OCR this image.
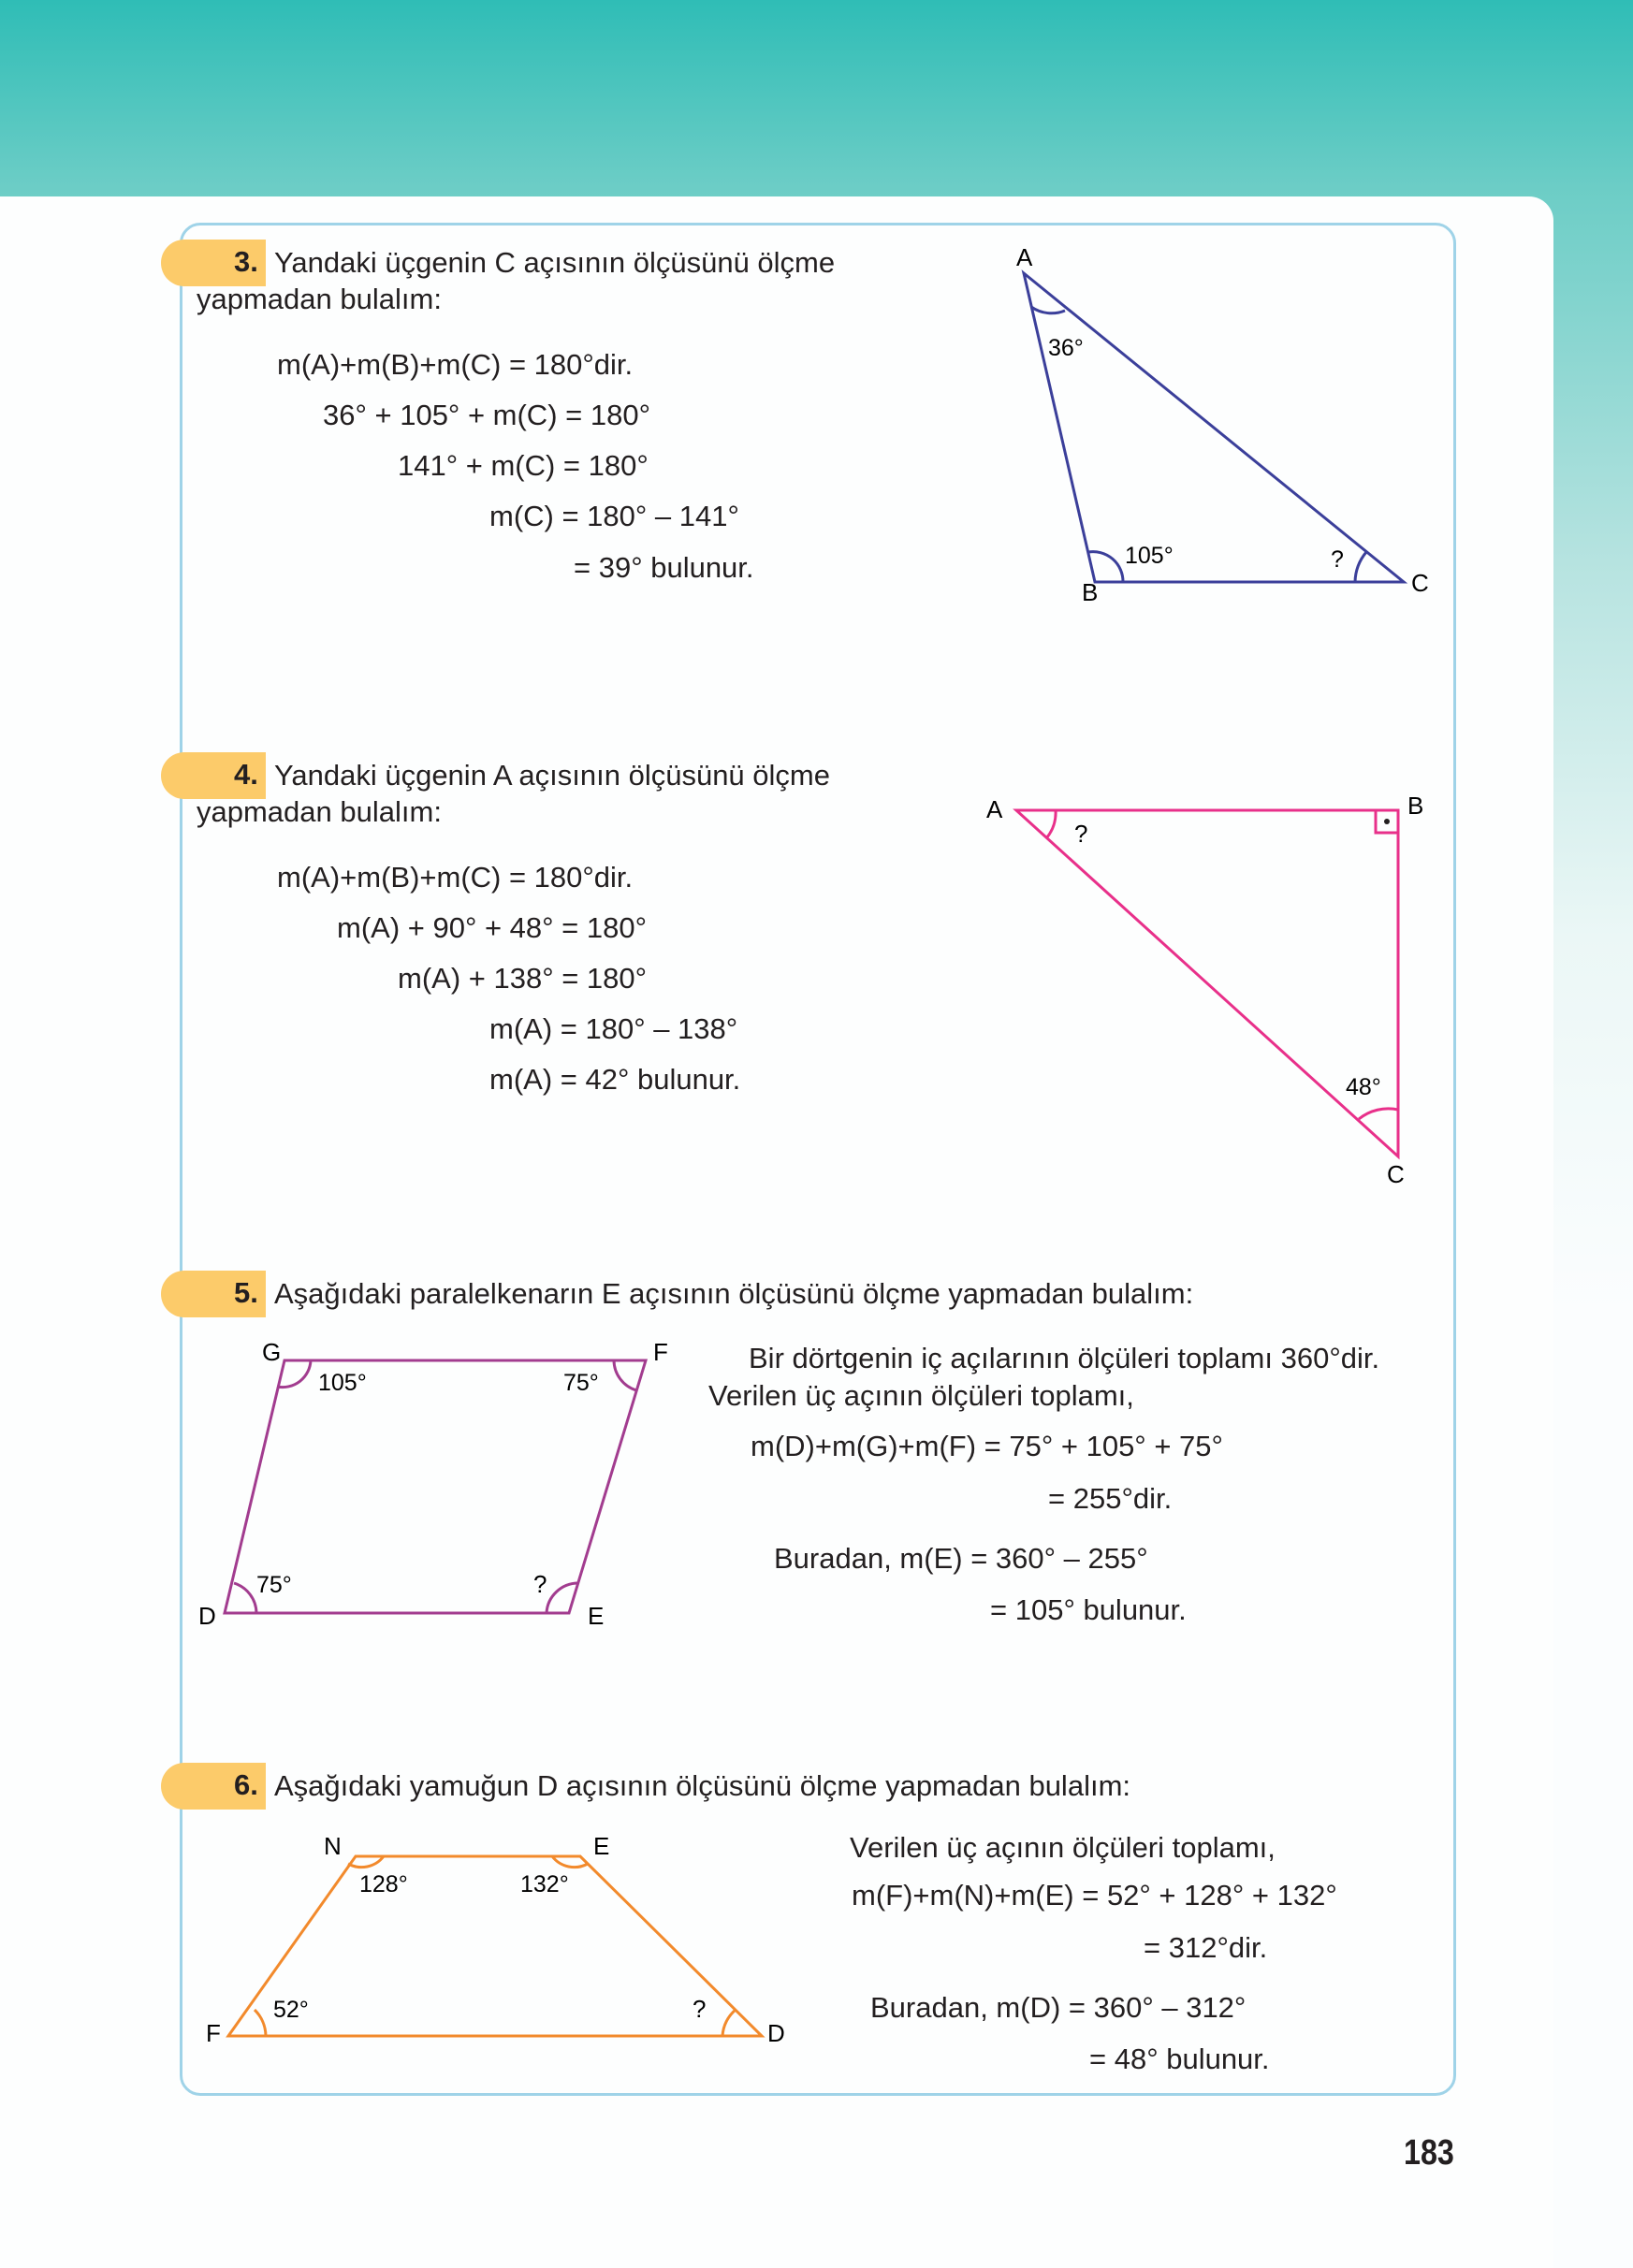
3. Yandaki üçgenin C açısının ölçüsünü ölçme
yapmadan bulalım:
m(A)+m(B)+m(C) = 180°dir.
36° + 105° + m(C) = 180°
141° + m(C) = 180°
m(C) = 180° – 141°
= 39° bulunur.
A
B	C
36°
105°	?
4. Yandaki üçgenin A açısının ölçüsünü ölçme
yapmadan bulalım:
m(A)+m(B)+m(C) = 180°dir.
m(A) + 90° + 48° = 180°
m(A) + 138° = 180°
m(A) = 180° – 138°
m(A) = 42° bulunur.
A	B
C
?
48°
5. Aşağıdaki paralelkenarın E açısının ölçüsünü ölçme yapmadan bulalım:
G	F
D	E
105°	75°
75°	?
Bir dörtgenin iç açılarının ölçüleri toplamı 360°dir.
Verilen üç açının ölçüleri toplamı,
m(D)+m(G)+m(F) = 75° + 105° + 75°
= 255°dir.
Buradan, m(E) = 360° – 255°
= 105° bulunur.
6. Aşağıdaki yamuğun D açısının ölçüsünü ölçme yapmadan bulalım:
N	E
F	D
128°	132°
52°	?
Verilen üç açının ölçüleri toplamı,
m(F)+m(N)+m(E) = 52° + 128° + 132°
= 312°dir.
Buradan, m(D) = 360° – 312°
= 48° bulunur.
183
